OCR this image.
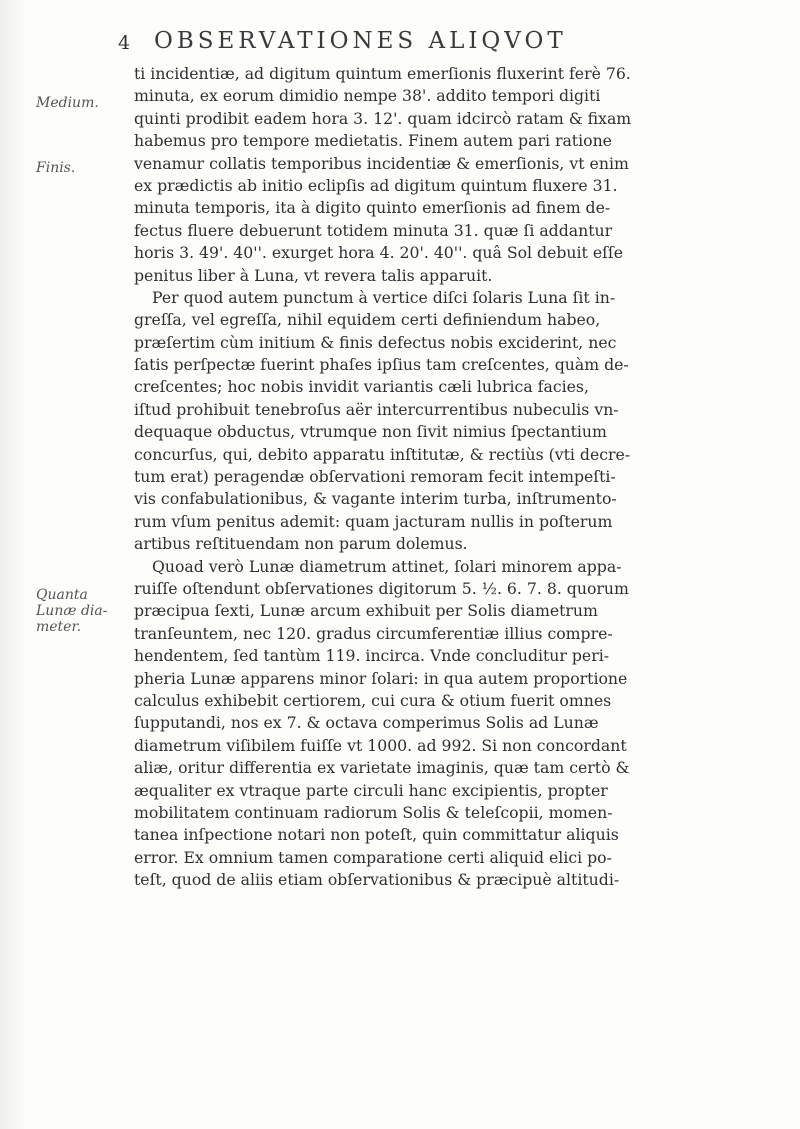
4 OBSERVATIONES ALIQVOT
Medium.
Finis.
Quanta Lunæ dia-meter.
ti incidentiæ, ad digitum quintum emerſionis fluxerint ferè 76.
minuta, ex eorum dimidio nempe 38'. addito tempori digiti
quinti prodibit eadem hora 3. 12'. quam idcircò ratam & fixam
habemus pro tempore medietatis. Finem autem pari ratione
venamur collatis temporibus incidentiæ & emerſionis, vt enim
ex prædictis ab initio eclipſis ad digitum quintum fluxere 31.
minuta temporis, ita à digito quinto emerſionis ad finem de-
fectus fluere debuerunt totidem minuta 31. quæ ſi addantur
horis 3. 49'. 40''. exurget hora 4. 20'. 40''. quâ Sol debuit eſſe
penitus liber à Luna, vt revera talis apparuit.
Per quod autem punctum à vertice diſci ſolaris Luna ſit in-
greſſa, vel egreſſa, nihil equidem certi definiendum habeo,
præſertim cùm initium & finis defectus nobis exciderint, nec
ſatis perſpectæ fuerint phaſes ipſius tam creſcentes, quàm de-
creſcentes; hoc nobis invidit variantis cæli lubrica facies,
iſtud prohibuit tenebroſus aër intercurrentibus nubeculis vn-
dequaque obductus, vtrumque non ſivit nimius ſpectantium
concurſus, qui, debito apparatu inſtitutæ, & rectiùs (vti decre-
tum erat) peragendæ obſervationi remoram fecit intempeſti-
vis confabulationibus, & vagante interim turba, inſtrumento-
rum vſum penitus ademit: quam jacturam nullis in poſterum
artibus reſtituendam non parum dolemus.
Quoad verò Lunæ diametrum attinet, ſolari minorem appa-
ruiſſe oſtendunt obſervationes digitorum 5. ½. 6. 7. 8. quorum
præcipua ſexti, Lunæ arcum exhibuit per Solis diametrum
tranſeuntem, nec 120. gradus circumferentiæ illius compre-
hendentem, ſed tantùm 119. incirca. Vnde concluditur peri-
pheria Lunæ apparens minor ſolari: in qua autem proportione
calculus exhibebit certiorem, cui cura & otium fuerit omnes
ſupputandi, nos ex 7. & octava comperimus Solis ad Lunæ
diametrum viſibilem fuiſſe vt 1000. ad 992. Si non concordant
aliæ, oritur differentia ex varietate imaginis, quæ tam certò &
æqualiter ex vtraque parte circuli hanc excipientis, propter
mobilitatem continuam radiorum Solis & teleſcopii, momen-
tanea inſpectione notari non poteſt, quin committatur aliquis
error. Ex omnium tamen comparatione certi aliquid elici po-
teſt, quod de aliis etiam obſervationibus & præcipuè altitudi-
